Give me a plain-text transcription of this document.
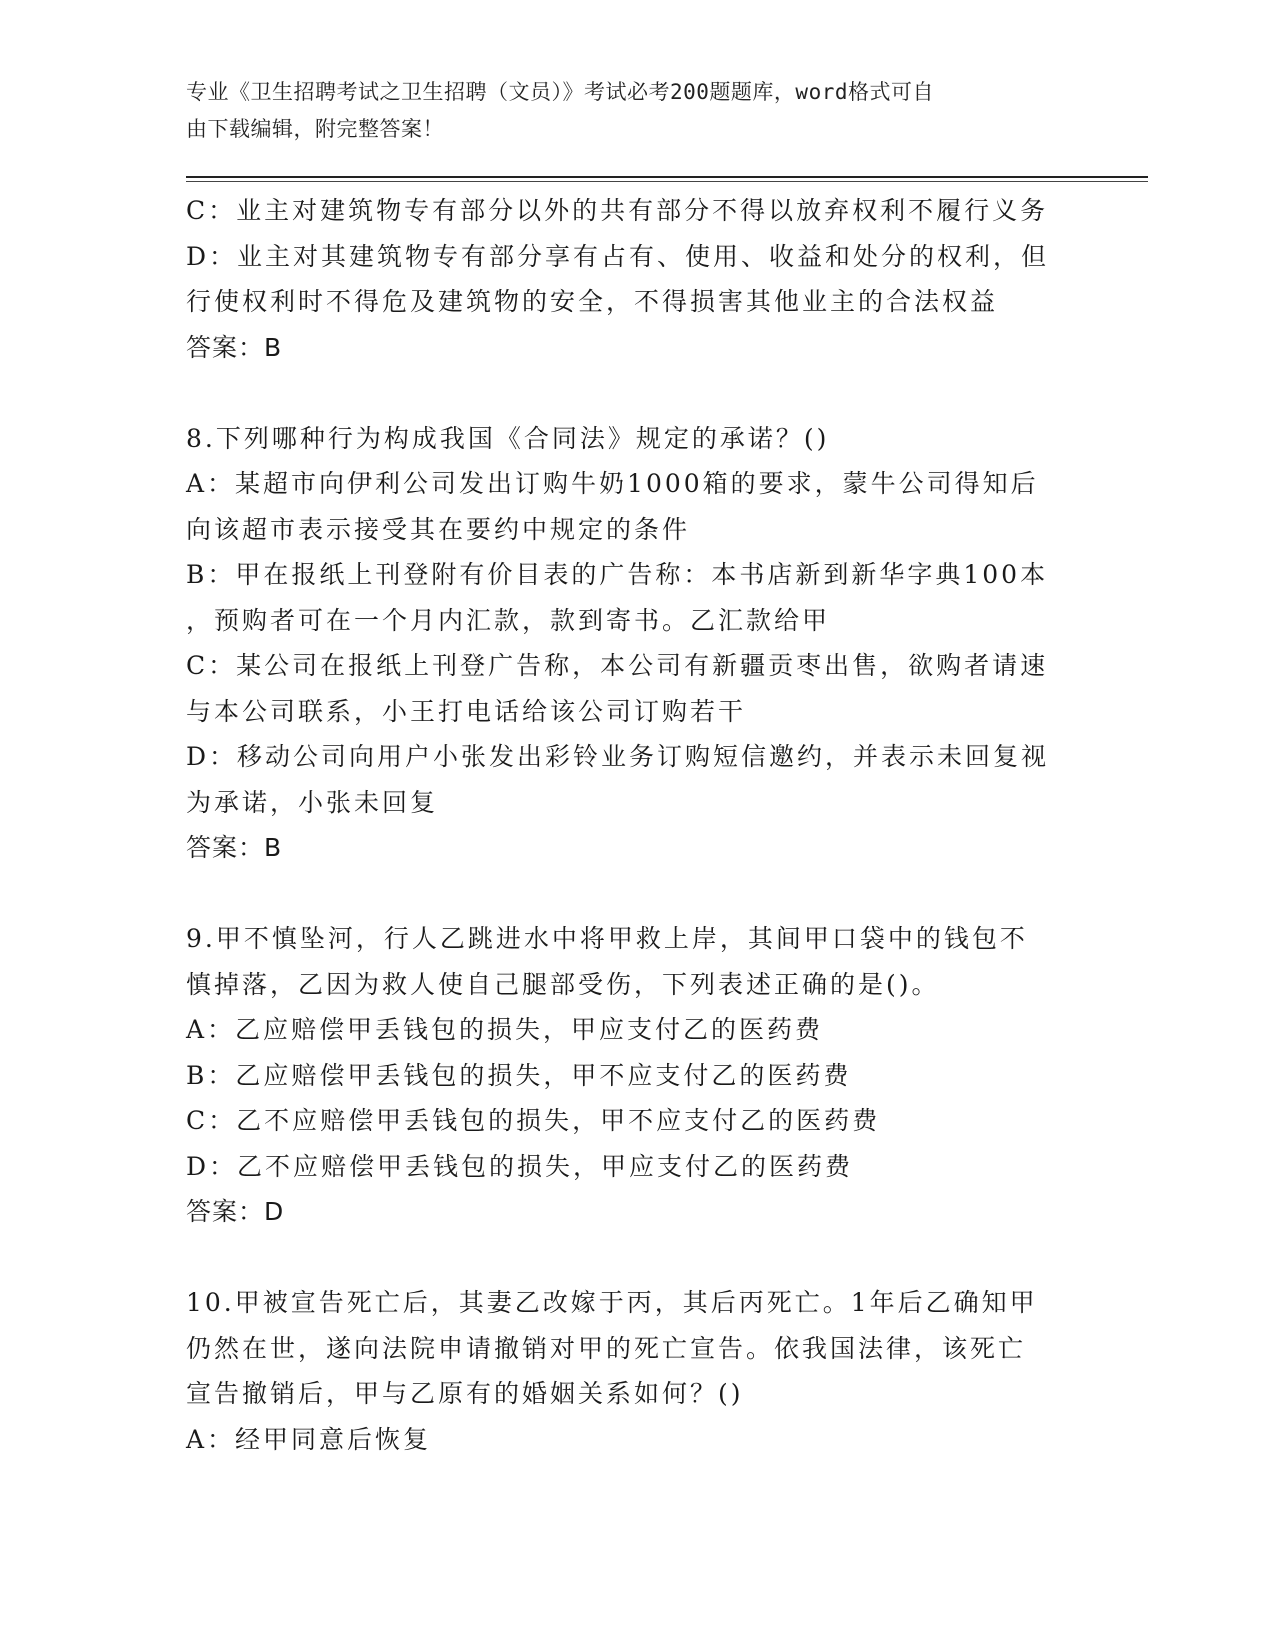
专业《卫生招聘考试之卫生招聘（文员）》考试必考200题题库，word格式可自
由下载编辑，附完整答案！

C：业主对建筑物专有部分以外的共有部分不得以放弃权利不履行义务

D：业主对其建筑物专有部分享有占有、使用、收益和处分的权利，但

行使权利时不得危及建筑物的安全，不得损害其他业主的合法权益

答案：B

8.下列哪种行为构成我国《合同法》规定的承诺？()

A：某超市向伊利公司发出订购牛奶1000箱的要求，蒙牛公司得知后

向该超市表示接受其在要约中规定的条件

B：甲在报纸上刊登附有价目表的广告称：本书店新到新华字典100本

，预购者可在一个月内汇款，款到寄书。乙汇款给甲

C：某公司在报纸上刊登广告称，本公司有新疆贡枣出售，欲购者请速

与本公司联系，小王打电话给该公司订购若干

D：移动公司向用户小张发出彩铃业务订购短信邀约，并表示未回复视

为承诺，小张未回复

答案：B

9.甲不慎坠河，行人乙跳进水中将甲救上岸，其间甲口袋中的钱包不

慎掉落，乙因为救人使自己腿部受伤，下列表述正确的是()。

A：乙应赔偿甲丢钱包的损失，甲应支付乙的医药费

B：乙应赔偿甲丢钱包的损失，甲不应支付乙的医药费

C：乙不应赔偿甲丢钱包的损失，甲不应支付乙的医药费

D：乙不应赔偿甲丢钱包的损失，甲应支付乙的医药费

答案：D

10.甲被宣告死亡后，其妻乙改嫁于丙，其后丙死亡。1年后乙确知甲

仍然在世，遂向法院申请撤销对甲的死亡宣告。依我国法律，该死亡

宣告撤销后，甲与乙原有的婚姻关系如何？()

A：经甲同意后恢复
